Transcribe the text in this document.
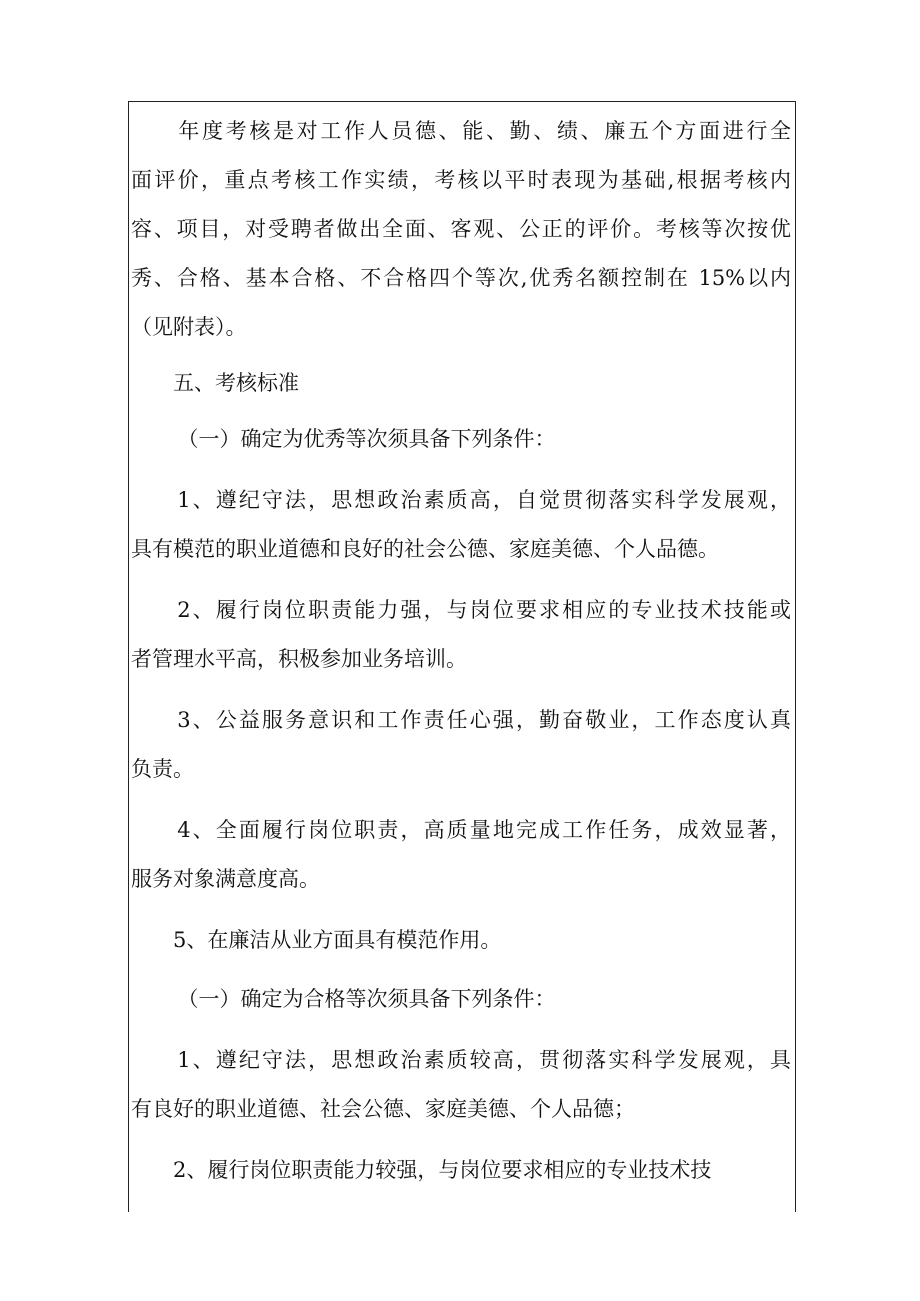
　　年度考核是对工作人员德、能、勤、绩、廉五个方面进行全
面评价，重点考核工作实绩，考核以平时表现为基础,根据考核内
容、项目，对受聘者做出全面、客观、公正的评价。考核等次按优
秀、合格、基本合格、不合格四个等次,优秀名额控制在 15%以内
（见附表）。
　　五、考核标准
　　（一）确定为优秀等次须具备下列条件：
　　1、遵纪守法，思想政治素质高，自觉贯彻落实科学发展观，
具有模范的职业道德和良好的社会公德、家庭美德、个人品德。
　　2、履行岗位职责能力强，与岗位要求相应的专业技术技能或
者管理水平高，积极参加业务培训。
　　3、公益服务意识和工作责任心强，勤奋敬业，工作态度认真
负责。
　　4、全面履行岗位职责，高质量地完成工作任务，成效显著，
服务对象满意度高。
　　5、在廉洁从业方面具有模范作用。
　　（一）确定为合格等次须具备下列条件：
　　1、遵纪守法，思想政治素质较高，贯彻落实科学发展观，具
有良好的职业道德、社会公德、家庭美德、个人品德；
　　2、履行岗位职责能力较强，与岗位要求相应的专业技术技
